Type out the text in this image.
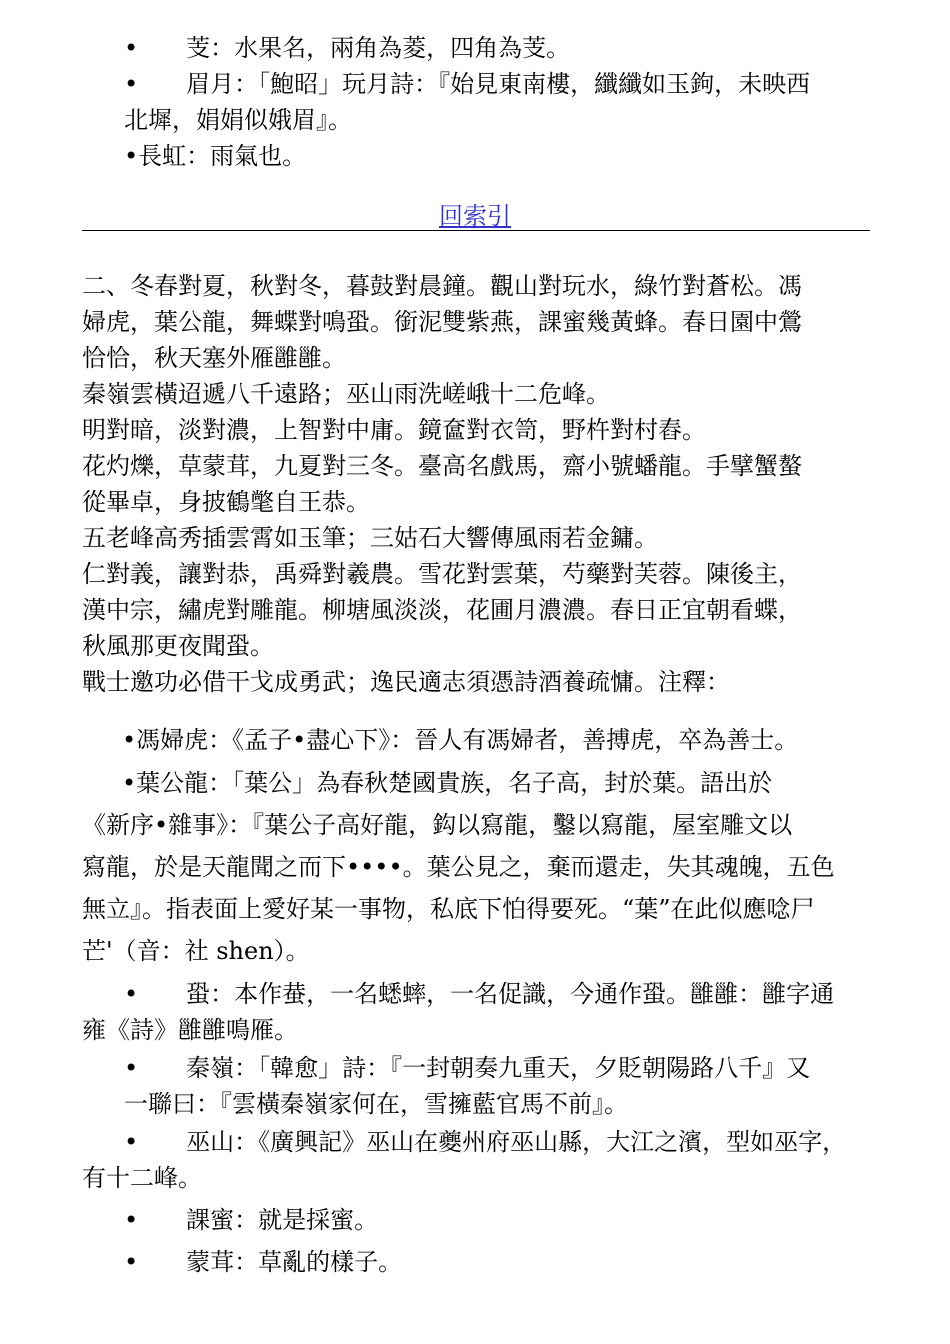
•　　芰：水果名，兩角為菱，四角為芰。
•　　眉月：「鮑昭」玩月詩：『始見東南樓，纖纖如玉鉤，未映西
北墀，娟娟似娥眉』。
•長虹：雨氣也。
回索引
二、冬春對夏，秋對冬，暮鼓對晨鐘。觀山對玩水，綠竹對蒼松。馮
婦虎，葉公龍，舞蝶對鳴蛩。銜泥雙紫燕，課蜜幾黃蜂。春日園中鶯
恰恰，秋天塞外雁雝雝。
秦嶺雲橫迢遞八千遠路；巫山雨洗嵯峨十二危峰。
明對暗，淡對濃，上智對中庸。鏡奩對衣笥，野杵對村舂。
花灼爍，草蒙茸，九夏對三冬。臺高名戲馬，齋小號蟠龍。手擘蟹螯
從畢卓，身披鶴氅自王恭。
五老峰高秀插雲霄如玉筆；三姑石大響傳風雨若金鏞。
仁對義，讓對恭，禹舜對羲農。雪花對雲葉，芍藥對芙蓉。陳後主，
漢中宗，繡虎對雕龍。柳塘風淡淡，花圃月濃濃。春日正宜朝看蝶，
秋風那更夜聞蛩。
戰士邀功必借干戈成勇武；逸民適志須憑詩酒養疏慵。注釋：
•馮婦虎：《孟子•盡心下》：晉人有馮婦者，善搏虎，卒為善士。
•葉公龍：「葉公」為春秋楚國貴族，名子高，封於葉。語出於
《新序•雜事》：『葉公子高好龍，鈎以寫龍，鑿以寫龍，屋室雕文以
寫龍，於是天龍聞之而下••••。葉公見之，棄而還走，失其魂魄，五色
無立』。指表面上愛好某一事物，私底下怕得要死。“葉”在此似應唸尸
芒'（音：社 shen）。
•　　蛩：本作蛬，一名蟋蟀，一名促識，今通作蛩。雝雝：雝字通
雍《詩》雝雝鳴雁。
•　　秦嶺：「韓愈」詩：『一封朝奏九重天，夕貶朝陽路八千』又
一聯曰：『雲橫秦嶺家何在，雪擁藍官馬不前』。
•　　巫山：《廣興記》巫山在夔州府巫山縣，大江之濱，型如巫字，
有十二峰。
•　　課蜜：就是採蜜。
•　　蒙茸：草亂的樣子。
